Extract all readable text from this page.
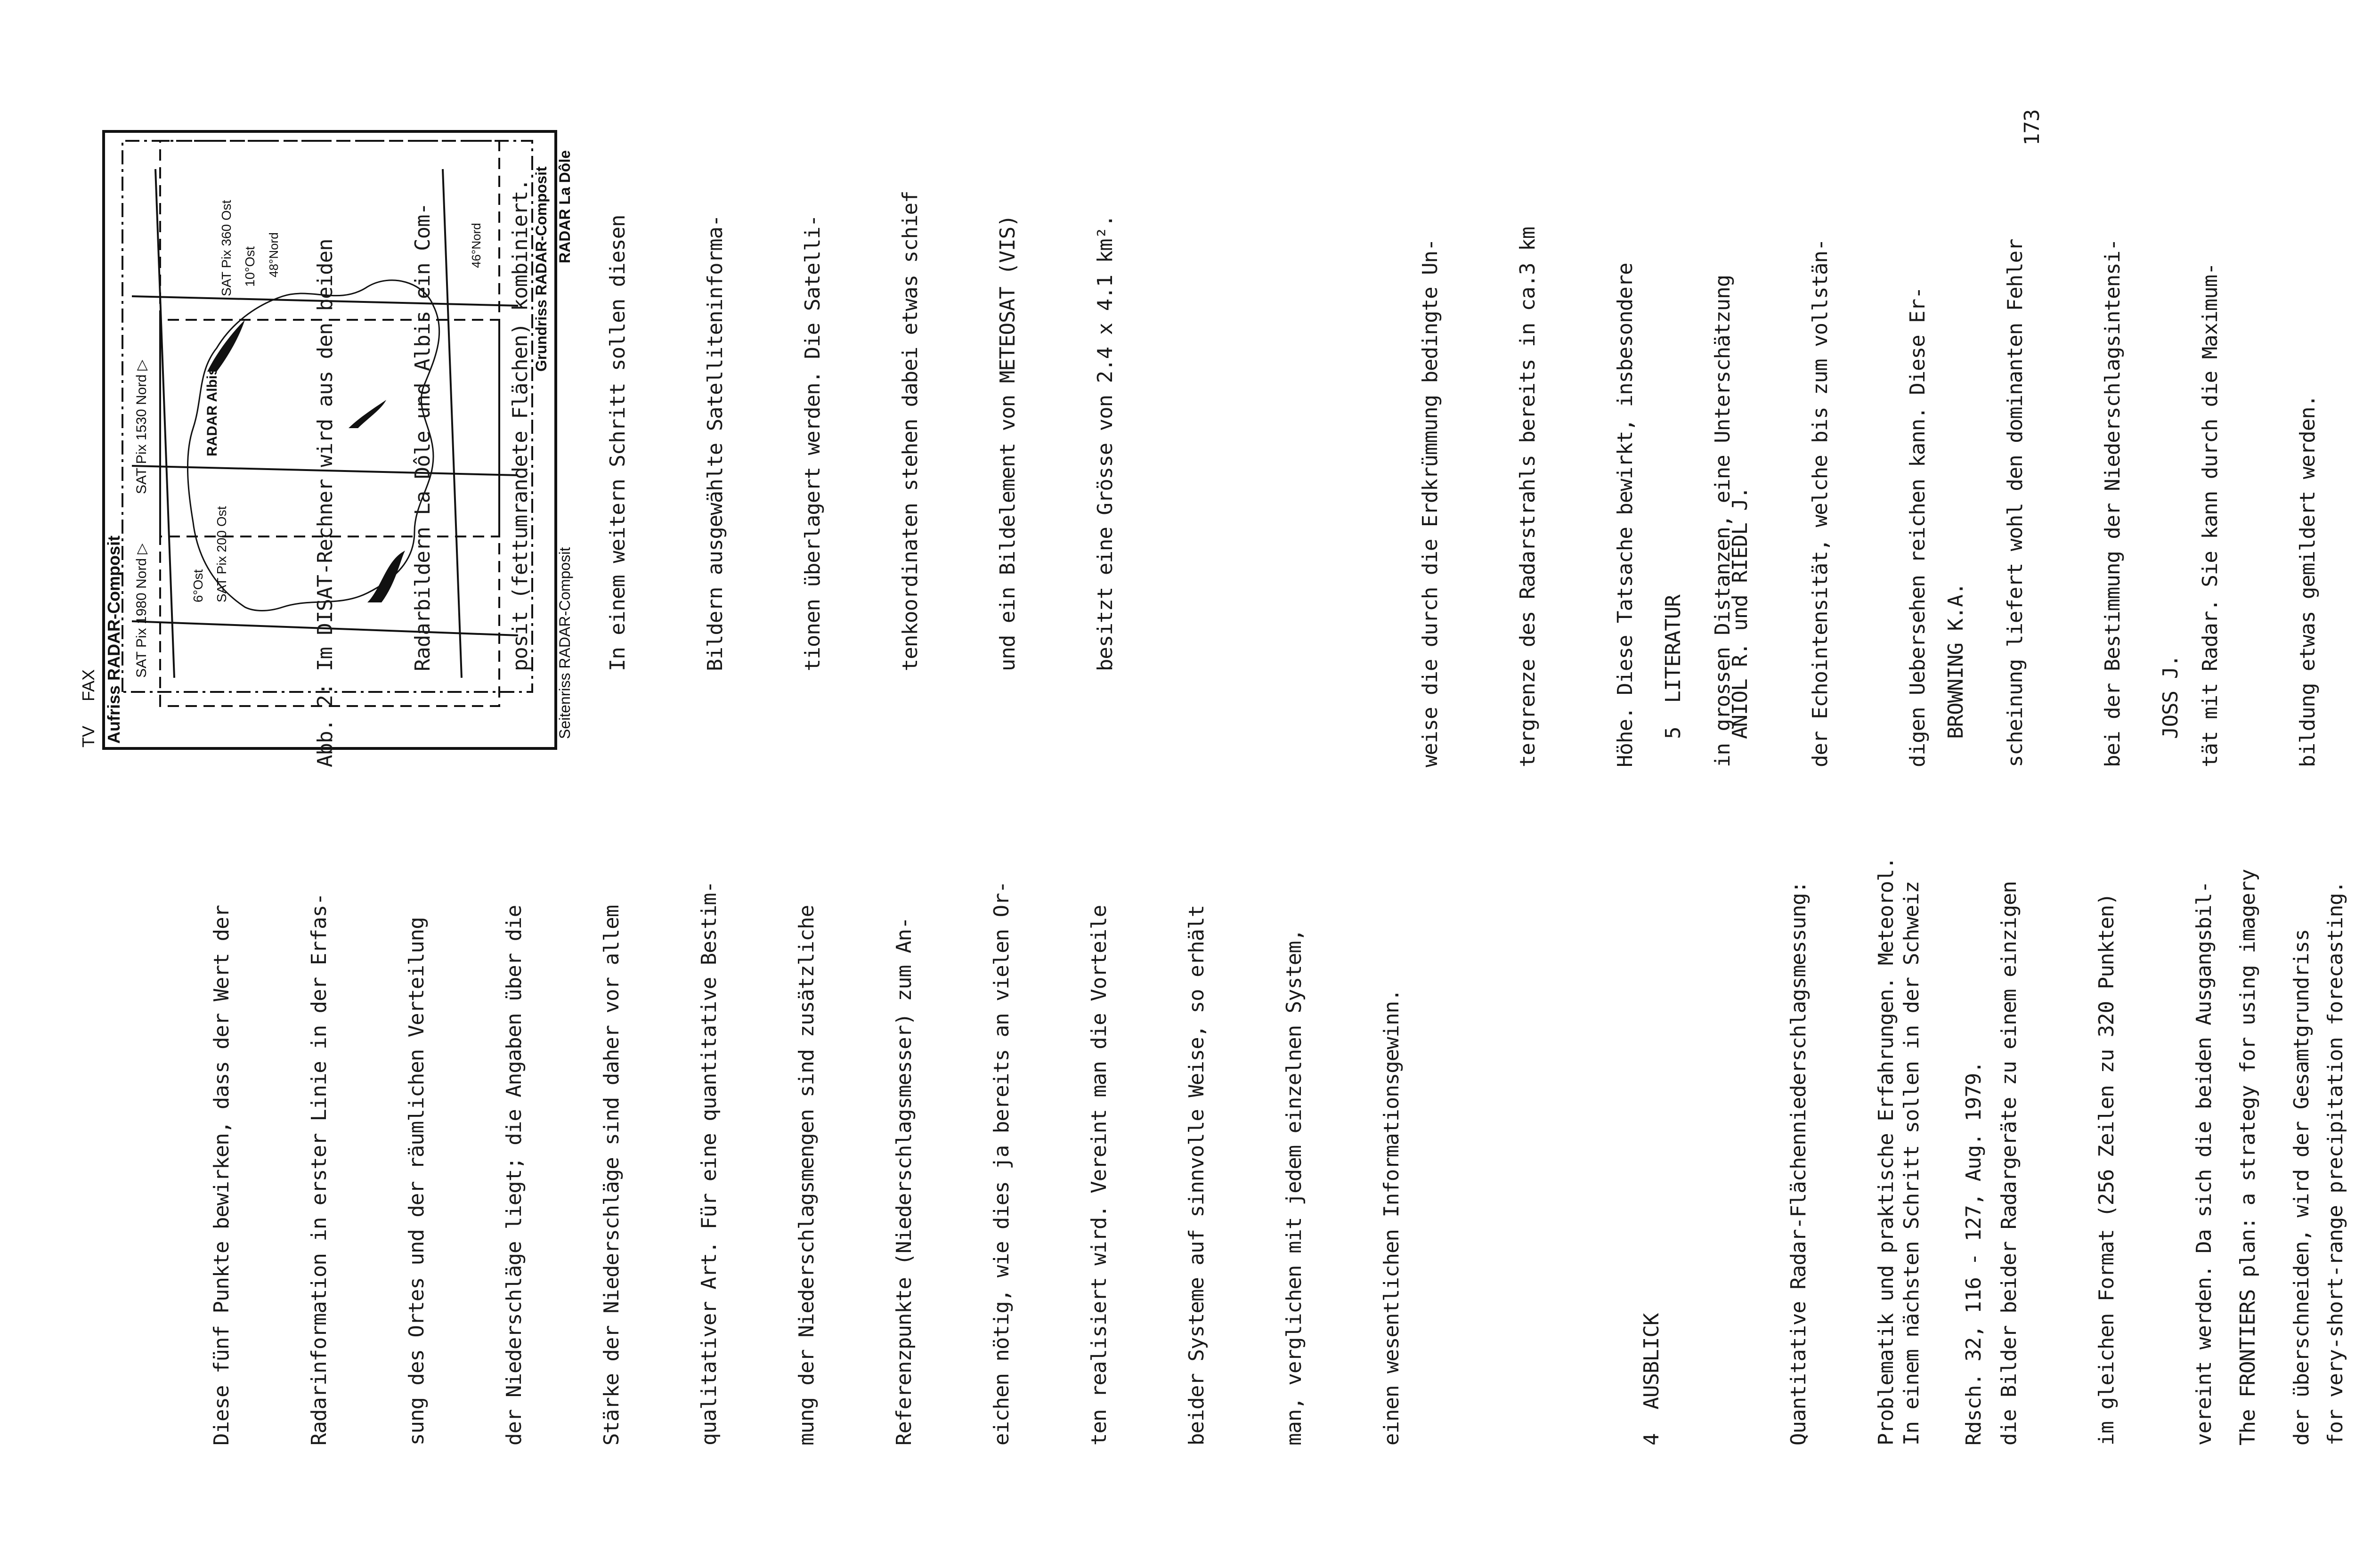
TV
FAX Aufriss RADAR-Composit SAT Pix 1980 Nord ▷
SAT Pix 1530 Nord ▷
6°Ost SAT Pix 200 Ost
RADAR Albis
SAT Pix 360 Ost 10°Ost 48°Nord	46°Nord	Grundriss RADAR-Composit RADAR La Dôle
Seitenriss RADAR-Composit

Diese fünf Punkte bewirken, dass der Wert der

	Radarinformation in erster Linie in der Erfas-

	sung des Ortes und der räumlichen Verteilung

	der Niederschläge liegt; die Angaben über die

	Stärke der Niederschläge sind daher vor allem

	qualitativer Art. Für eine quantitative Bestim-

	mung der Niederschlagsmengen sind zusätzliche

	Referenzpunkte (Niederschlagsmesser) zum An-

	eichen nötig, wie dies ja bereits an vielen Or-

	ten realisiert wird. Vereint man die Vorteile

	beider Systeme auf sinnvolle Weise, so erhält

	man, verglichen mit jedem einzelnen System,

	einen wesentlichen Informationsgewinn.

	4  AUSBLICK

	In einem nächsten Schritt sollen in der Schweiz

	die Bilder beider Radargeräte zu einem einzigen

	im gleichen Format (256 Zeilen zu 320 Punkten)

	vereint werden. Da sich die beiden Ausgangsbil-

	der überschneiden, wird der Gesamtgrundriss

Abb. 2: Im DISAT-Rechner wird aus den beiden

	Radarbildern La Dôle und Albis ein Com-

	posit (fettumrandete Flächen) kombiniert.

	In einem weitern Schritt sollen diesen

	Bildern ausgewählte Satelliteninforma-

	tionen überlagert werden. Die Satelli-

	tenkoordinaten stehen dabei etwas schief

	und ein Bildelement von METEOSAT (VIS)

	besitzt eine Grösse von 2.4 x 4.1 km².

	weise die durch die Erdkrümmung bedingte Un-

	tergrenze des Radarstrahls bereits in ca.3 km

	Höhe. Diese Tatsache bewirkt, insbesondere

	in grossen Distanzen, eine Unterschätzung

	der Echointensität, welche bis zum vollstän-

	digen Uebersehen reichen kann. Diese Er-

	scheinung liefert wohl den dominanten Fehler

	bei der Bestimmung der Niederschlagsintensi-

	tät mit Radar. Sie kann durch die Maximum-

	bildung etwas gemildert werden.

5  LITERATUR

ANIOL R. und RIEDL J.

Quantitative Radar-Flächenniederschlagsmessung:

	Problematik und praktische Erfahrungen. Meteorol.

	Rdsch. 32, 116 - 127, Aug. 1979.

	The FRONTIERS plan: a strategy for using imagery

	for very-short-range precipitation forecasting.

BROWNING K.A.

	JOSS J.

173
